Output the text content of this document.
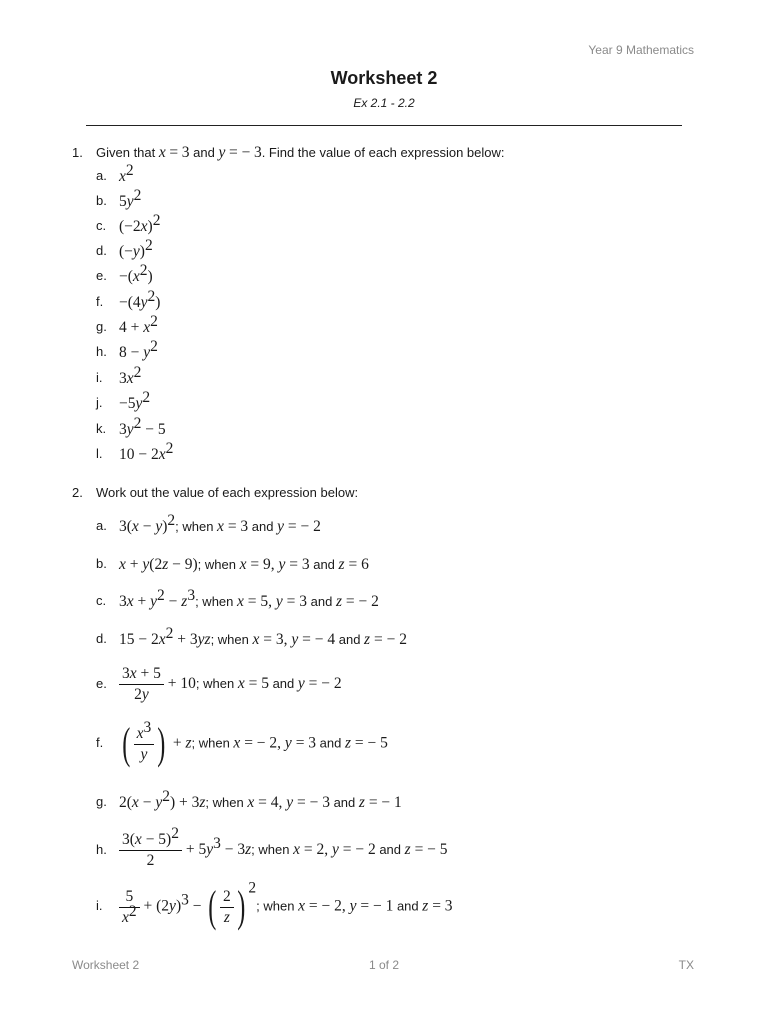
Year 9 Mathematics
Worksheet 2
Ex 2.1 - 2.2
1. Given that x = 3 and y = − 3. Find the value of each expression below:
a. $x^2$
b. $5y^2$
c. $(-2x)^2$
d. $(-y)^2$
e. $-(x^2)$
f. $-(4y^2)$
g. $4 + x^2$
h. $8 - y^2$
i. $3x^2$
j. $-5y^2$
k. $3y^2 - 5$
l. $10 - 2x^2$
2. Work out the value of each expression below:
a. $3(x - y)^2$; when x = 3 and y = − 2
b. x + y(2z − 9); when x = 9, y = 3 and z = 6
c. $3x + y^2 - z^3$; when x = 5, y = 3 and z = − 2
d. $15 - 2x^2 + 3yz$; when x = 3, y = − 4 and z = − 2
e. $\frac{3x + 5}{2y} + 10$; when x = 5 and y = − 2
f. ( $\frac{x^3}{y}$ ) + z; when x = − 2, y = 3 and z = − 5
g. $2(x - y^2) + 3z$; when x = 4, y = − 3 and z = − 1
h. $\frac{3(x - 5)^2}{2} + 5y^3 - 3z$; when x = 2, y = − 2 and z = − 5
i. $\frac{5}{x^2} + (2y)^3$ − ( $\frac{2}{z}$ ) $^2$; when x = − 2, y = − 1 and z = 3
Worksheet 2	1 of 2	TX
